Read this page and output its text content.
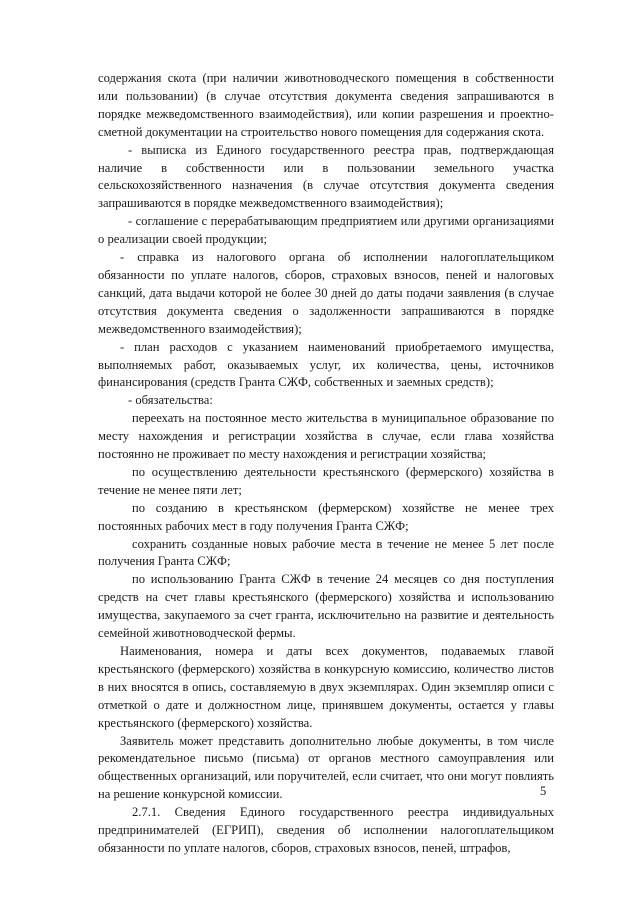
содержания скота (при наличии животноводческого помещения в собственности или пользовании) (в случае отсутствия документа сведения запрашиваются в порядке межведомственного взаимодействия), или копии разрешения и проектно-сметной документации на строительство нового помещения для содержания скота.

- выписка из Единого государственного реестра прав, подтверждающая наличие в собственности или в пользовании земельного участка сельскохозяйственного назначения (в случае отсутствия документа сведения запрашиваются в порядке межведомственного взаимодействия);

- соглашение с перерабатывающим предприятием или другими организациями о реализации своей продукции;

- справка из налогового органа об исполнении налогоплательщиком обязанности по уплате налогов, сборов, страховых взносов, пеней и налоговых санкций, дата выдачи которой не более 30 дней до даты подачи заявления (в случае отсутствия документа сведения о задолженности запрашиваются в порядке межведомственного взаимодействия);

- план расходов с указанием наименований приобретаемого имущества, выполняемых работ, оказываемых услуг, их количества, цены, источников финансирования (средств Гранта СЖФ, собственных и заемных средств);

- обязательства:

переехать на постоянное место жительства в муниципальное образование по месту нахождения и регистрации хозяйства в случае, если глава хозяйства постоянно не проживает по месту нахождения и регистрации хозяйства;

по осуществлению деятельности крестьянского (фермерского) хозяйства в течение не менее пяти лет;

по созданию в крестьянском (фермерском) хозяйстве не менее трех постоянных рабочих мест в году получения Гранта СЖФ;

сохранить созданные новых рабочие места в течение не менее 5 лет после получения Гранта СЖФ;

по использованию Гранта СЖФ в течение 24 месяцев со дня поступления средств на счет главы крестьянского (фермерского) хозяйства и использованию имущества, закупаемого за счет гранта, исключительно на развитие и деятельность семейной животноводческой фермы.

Наименования, номера и даты всех документов, подаваемых главой крестьянского (фермерского) хозяйства в конкурсную комиссию, количество листов в них вносятся в опись, составляемую в двух экземплярах. Один экземпляр описи с отметкой о дате и должностном лице, принявшем документы, остается у главы крестьянского (фермерского) хозяйства.

Заявитель может представить дополнительно любые документы, в том числе рекомендательное письмо (письма) от органов местного самоуправления или общественных организаций, или поручителей, если считает, что они могут повлиять на решение конкурсной комиссии.

2.7.1. Сведения Единого государственного реестра индивидуальных предпринимателей (ЕГРИП), сведения об исполнении налогоплательщиком обязанности по уплате налогов, сборов, страховых взносов, пеней, штрафов,

5
